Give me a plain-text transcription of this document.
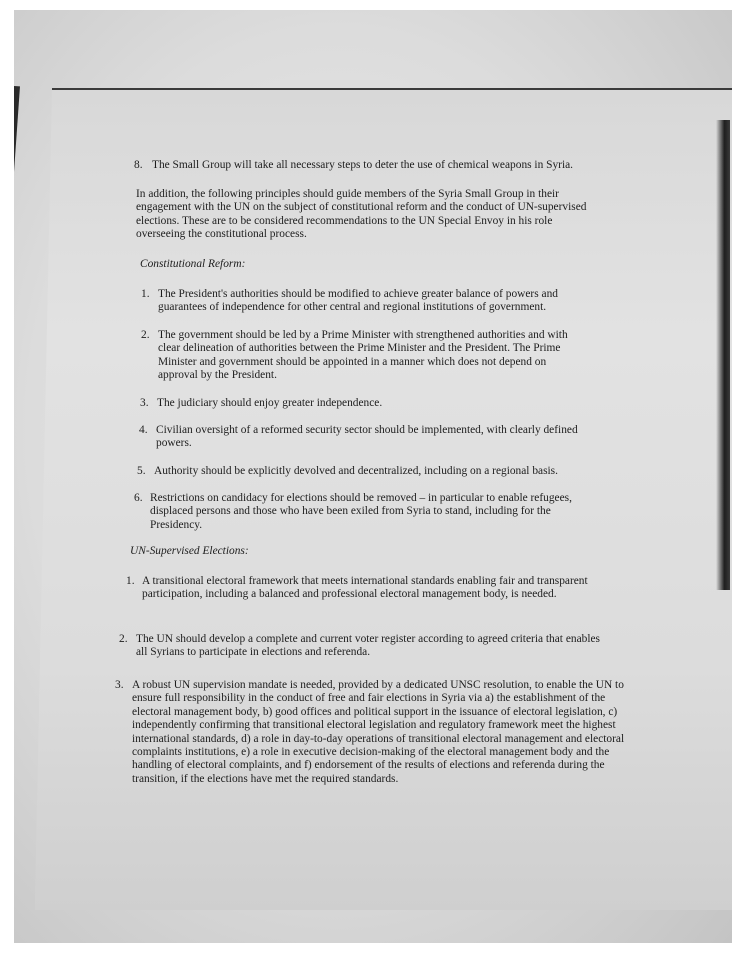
8. The Small Group will take all necessary steps to deter the use of chemical weapons in Syria.

In addition, the following principles should guide members of the Syria Small Group in their engagement with the UN on the subject of constitutional reform and the conduct of UN-supervised elections. These are to be considered recommendations to the UN Special Envoy in his role overseeing the constitutional process.

Constitutional Reform:

1. The President's authorities should be modified to achieve greater balance of powers and guarantees of independence for other central and regional institutions of government.
2. The government should be led by a Prime Minister with strengthened authorities and with clear delineation of authorities between the Prime Minister and the President. The Prime Minister and government should be appointed in a manner which does not depend on approval by the President.
3. The judiciary should enjoy greater independence.
4. Civilian oversight of a reformed security sector should be implemented, with clearly defined powers.
5. Authority should be explicitly devolved and decentralized, including on a regional basis.
6. Restrictions on candidacy for elections should be removed – in particular to enable refugees, displaced persons and those who have been exiled from Syria to stand, including for the Presidency.

UN-Supervised Elections:

1. A transitional electoral framework that meets international standards enabling fair and transparent participation, including a balanced and professional electoral management body, is needed.
2. The UN should develop a complete and current voter register according to agreed criteria that enables all Syrians to participate in elections and referenda.
3. A robust UN supervision mandate is needed, provided by a dedicated UNSC resolution, to enable the UN to ensure full responsibility in the conduct of free and fair elections in Syria via a) the establishment of the electoral management body, b) good offices and political support in the issuance of electoral legislation, c) independently confirming that transitional electoral legislation and regulatory framework meet the highest international standards, d) a role in day-to-day operations of transitional electoral management and electoral complaints institutions, e) a role in executive decision-making of the electoral management body and the handling of electoral complaints, and f) endorsement of the results of elections and referenda during the transition, if the elections have met the required standards.
